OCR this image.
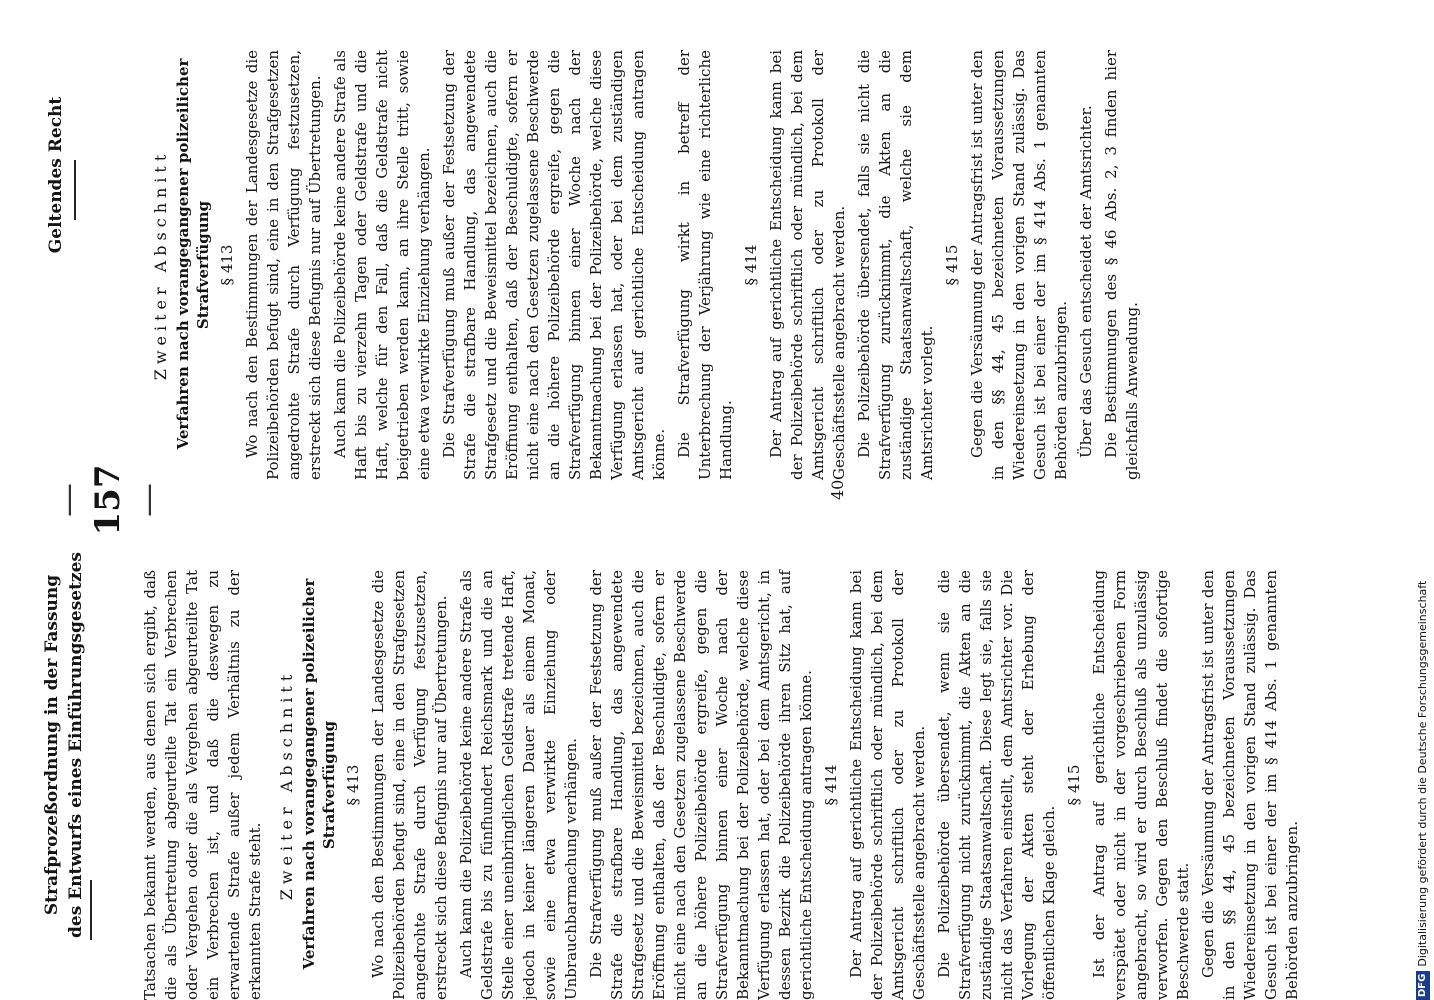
Strafprozeßordnung in der Fassung des Entwurfs eines Einführungsgesetzes
—157—
Geltendes Recht

Tatsachen bekannt werden, aus denen sich ergibt, daß die als Übertretung abgeurteilte Tat ein Verbrechen oder Vergehen oder die als Vergehen abgeurteilte Tat ein Verbrechen ist, und daß die deswegen zu erwartende Strafe außer jedem Verhältnis zu der erkannten Strafe steht.

Zweiter Abschnitt Verfahren nach vorangegangener polizeilicher Strafverfügung § 413 Wo nach den Bestimmungen der Landesgesetze die Polizeibehörden befugt sind, eine in den Strafgesetzen angedrohte Strafe durch Verfügung festzusetzen, erstreckt sich diese Befugnis nur auf Übertretungen. Auch kann die Polizeibehörde keine andere Strafe als Geldstrafe bis zu fünfhundert Reichsmark und die an Stelle einer uneinbringlichen Geldstrafe tretende Haft, jedoch in keiner längeren Dauer als einem Monat, sowie eine etwa verwirkte Einziehung oder Unbrauchbarmachung verhängen. Die Strafverfügung muß außer der Festsetzung der Strafe die strafbare Handlung, das angewendete Strafgesetz und die Beweismittel bezeichnen, auch die Eröffnung enthalten, daß der Beschuldigte, sofern er nicht eine nach den Gesetzen zugelassene Beschwerde an die höhere Polizeibehörde ergreife, gegen die Strafverfügung binnen einer Woche nach der Bekanntmachung bei der Polizeibehörde, welche diese Verfügung erlassen hat, oder bei dem Amtsgericht, in dessen Bezirk die Polizeibehörde ihren Sitz hat, auf gerichtliche Entscheidung antragen könne. § 414 Der Antrag auf gerichtliche Entscheidung kann bei der Polizeibehörde schriftlich oder mündlich, bei dem Amtsgericht schriftlich oder zu Protokoll der Geschäftsstelle angebracht werden. Die Polizeibehörde übersendet, wenn sie die Strafverfügung nicht zurücknimmt, die Akten an die zuständige Staatsanwaltschaft. Diese legt sie, falls sie nicht das Verfahren einstellt, dem Amtsrichter vor. Die Vorlegung der Akten steht der Erhebung der öffentlichen Klage gleich.

§ 415 Ist der Antrag auf gerichtliche Entscheidung verspätet oder nicht in der vorgeschriebenen Form angebracht, so wird er durch Beschluß als unzulässig verworfen. Gegen den Beschluß findet die sofortige Beschwerde statt. Gegen die Versäumung der Antragsfrist ist unter den in den §§ 44, 45 bezeichneten Voraussetzungen Wiedereinsetzung in den vorigen Stand zulässig. Das Gesuch ist bei einer der im § 414 Abs. 1 genannten Behörden anzubringen.

Zweiter Abschnitt Verfahren nach vorangegangener polizeilicher Strafverfügung § 413 Wo nach den Bestimmungen der Landesgesetze die Polizeibehörden befugt sind, eine in den Strafgesetzen angedrohte Strafe durch Verfügung festzusetzen, erstreckt sich diese Befugnis nur auf Übertretungen. Auch kann die Polizeibehörde keine andere Strafe als Haft bis zu vierzehn Tagen oder Geldstrafe und die Haft, welche für den Fall, daß die Geldstrafe nicht beigetrieben werden kann, an ihre Stelle tritt, sowie eine etwa verwirkte Einziehung verhängen. Die Strafverfügung muß außer der Festsetzung der Strafe die strafbare Handlung, das angewendete Strafgesetz und die Beweismittel bezeichnen, auch die Eröffnung enthalten, daß der Beschuldigte, sofern er nicht eine nach den Gesetzen zugelassene Beschwerde an die höhere Polizeibehörde ergreife, gegen die Strafverfügung binnen einer Woche nach der Bekanntmachung bei der Polizeibehörde, welche diese Verfügung erlassen hat, oder bei dem zuständigen Amtsgericht auf gerichtliche Entscheidung antragen könne. Die Strafverfügung wirkt in betreff der Unterbrechung der Verjährung wie eine richterliche Handlung.

§ 414 Der Antrag auf gerichtliche Entscheidung kann bei der Polizeibehörde schriftlich oder mündlich, bei dem Amtsgericht schriftlich oder zu Protokoll der Geschäftsstelle angebracht werden. Die Polizeibehörde übersendet, falls sie nicht die Strafverfügung zurücknimmt, die Akten an die zuständige Staatsanwaltschaft, welche sie dem Amtsrichter vorlegt.

§ 415 Gegen die Versäumung der Antragsfrist ist unter den in den §§ 44, 45 bezeichneten Voraussetzungen Wiedereinsetzung in den vorigen Stand zulässig. Das Gesuch ist bei einer der im § 414 Abs. 1 genannten Behörden anzubringen. Über das Gesuch entscheidet der Amtsrichter. Die Bestimmungen des § 46 Abs. 2, 3 finden hier gleichfalls Anwendung.

40
DFGDigitalisierung gefördert durch die Deutsche Forschungsgemeinschaft
